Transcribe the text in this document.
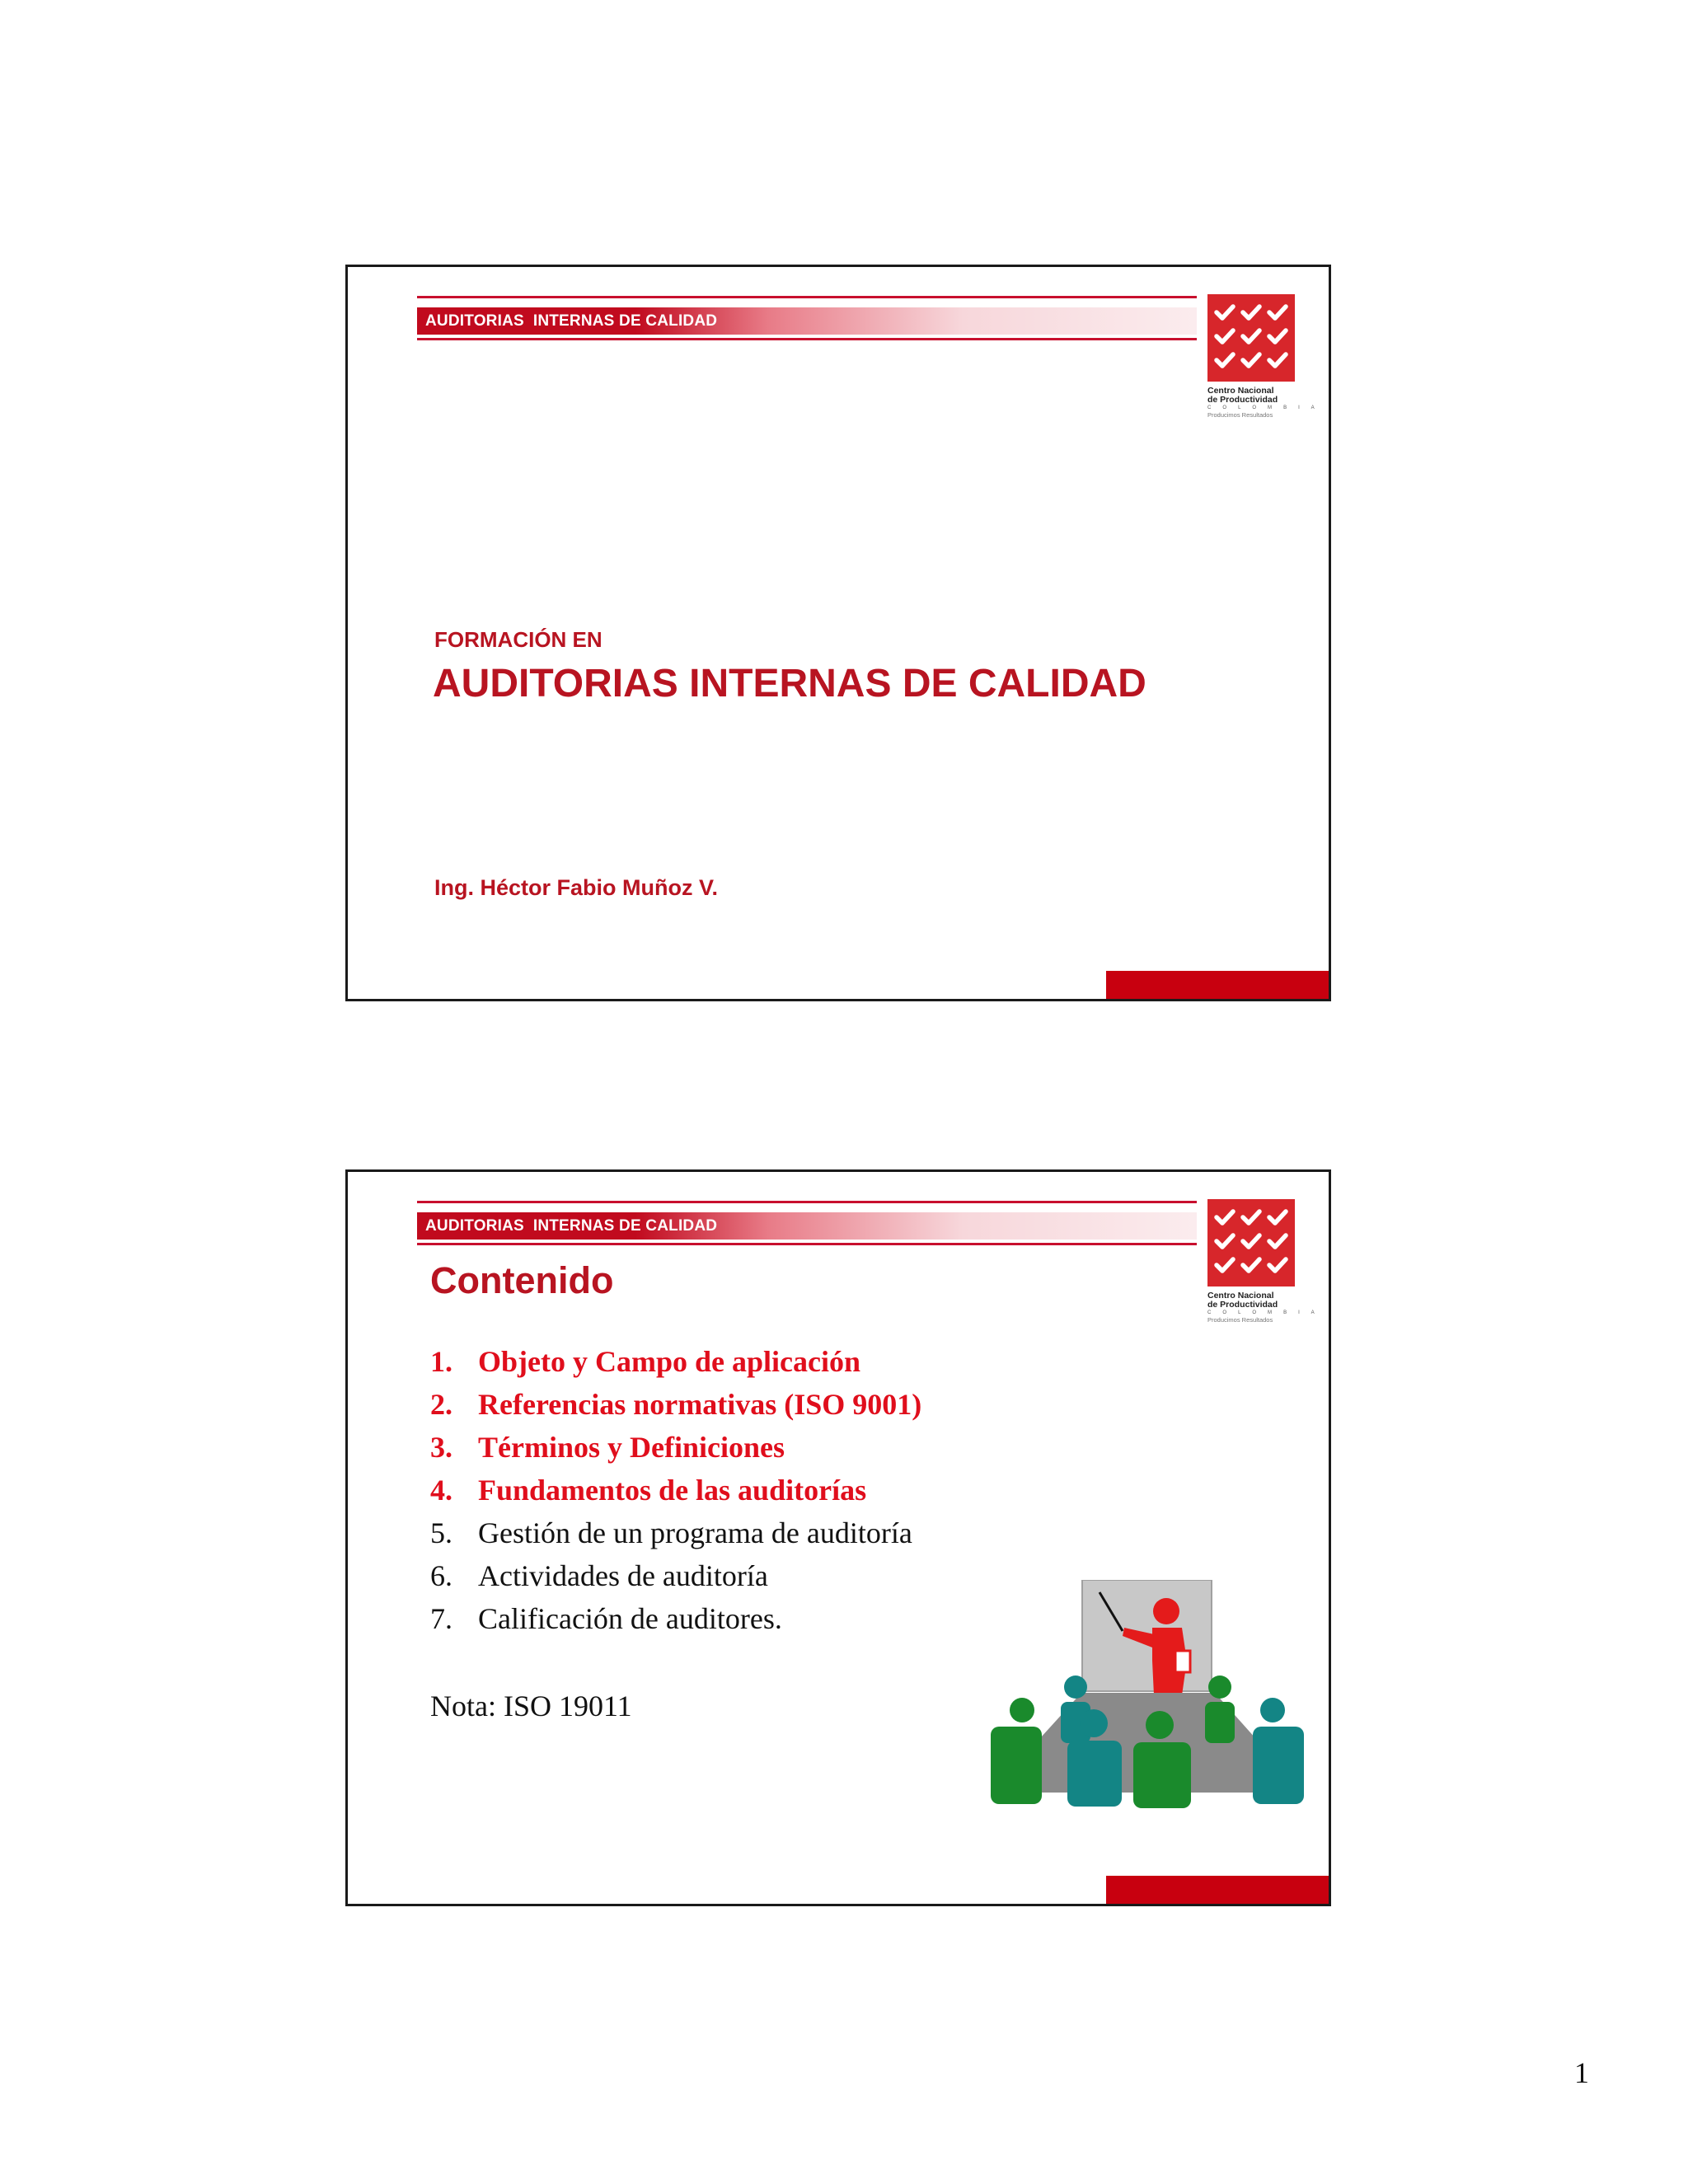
AUDITORIAS  INTERNAS DE CALIDAD
Centro Nacional
de Productividad
C O L O M B I A
Producimos Resultados
FORMACIÓN EN
AUDITORIAS INTERNAS DE CALIDAD
Ing. Héctor Fabio Muñoz V.
AUDITORIAS  INTERNAS DE CALIDAD
Centro Nacional
de Productividad
C O L O M B I A
Producimos Resultados
Contenido
1. Objeto y Campo de aplicación
2. Referencias normativas (ISO 9001)
3. Términos y Definiciones
4. Fundamentos de las auditorías
5. Gestión de un programa de auditoría
6. Actividades de auditoría
7. Calificación de auditores.
Nota: ISO 19011
1
